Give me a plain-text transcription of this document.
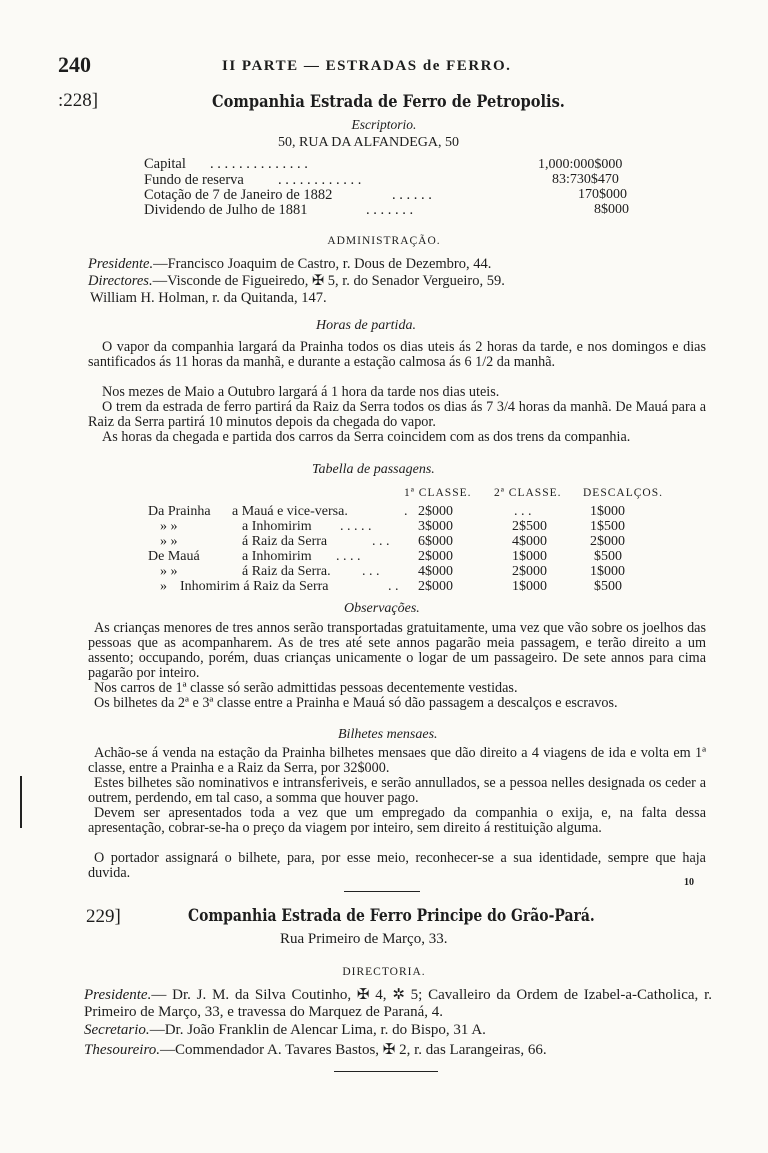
240	II PARTE — ESTRADAS de FERRO.
:228]	Companhia Estrada de Ferro de Petropolis.
Escriptorio.
50, RUA DA ALFANDEGA, 50
Capital . . . . . . . . . . . . . .	1,000:000$000
Fundo de reserva . . . . . . . . . . . .	83:730$470
Cotação de 7 de Janeiro de 1882	. . . . . .	170$000
Dividendo de Julho de 1881	. . . . . . .	8$000
ADMINISTRAÇÃO.
Presidente.—Francisco Joaquim de Castro, r. Dous de Dezembro, 44.
Directores.—Visconde de Figueiredo, ✠ 5, r. do Senador Vergueiro, 59.
William H. Holman, r. da Quitanda, 147.
Horas de partida.
O vapor da companhia largará da Prainha todos os dias uteis ás 2 horas da tarde, e nos domingos e dias santificados ás 11 horas da manhã, e durante a estação calmosa ás 6 1/2 da manhã.
Nos mezes de Maio a Outubro largará á 1 hora da tarde nos dias uteis.
O trem da estrada de ferro partirá da Raiz da Serra todos os dias ás 7 3/4 horas da manhã. De Mauá para a Raiz da Serra partirá 10 minutos depois da chegada do vapor.
As horas da chegada e partida dos carros da Serra coincidem com as dos trens da companhia.
Tabella de passagens.
1ª CLASSE. 2ª CLASSE. DESCALÇOS.
Da Prainha a Mauá e vice-versa.	. 2$000	. . .	1$000
» »	a Inhomirim . . . . .	3$000	2$500	1$500
» »	á Raiz da Serra	. . . 6$000	4$000	2$000
De Mauá	a Inhomirim . . . .	2$000	1$000	$500
» »	á Raiz da Serra. . . .	4$000	2$000	1$000
» Inhomirim á Raiz da Serra	. . 2$000	1$000	$500
Observações.
As crianças menores de tres annos serão transportadas gratuitamente, uma vez que vão sobre os joelhos das pessoas que as acompanharem. As de tres até sete annos pagarão meia passagem, e terão direito a um assento; occupando, porém, duas crianças unicamente o logar de um passageiro. De sete annos para cima pagarão por inteiro.
Nos carros de 1ª classe só serão admittidas pessoas decentemente vestidas.
Os bilhetes da 2ª e 3ª classe entre a Prainha e Mauá só dão passagem a descalços e escravos.
Bilhetes mensaes.
Achão-se á venda na estação da Prainha bilhetes mensaes que dão direito a 4 viagens de ida e volta em 1ª classe, entre a Prainha e a Raiz da Serra, por 32$000.
Estes bilhetes são nominativos e intransferiveis, e serão annullados, se a pessoa nelles designada os ceder a outrem, perdendo, em tal caso, a somma que houver pago.
Devem ser apresentados toda a vez que um empregado da companhia o exija, e, na falta dessa apresentação, cobrar-se-ha o preço da viagem por inteiro, sem direito á restituição alguma.
O portador assignará o bilhete, para, por esse meio, reconhecer-se a sua identidade, sempre que haja duvida.
10
229]	Companhia Estrada de Ferro Principe do Grão-Pará.
Rua Primeiro de Março, 33.
DIRECTORIA.
Presidente.— Dr. J. M. da Silva Coutinho, ✠ 4, ✲ 5; Cavalleiro da Ordem de Izabel-a-Catholica, r. Primeiro de Março, 33, e travessa do Marquez de Paraná, 4.
Secretario.—Dr. João Franklin de Alencar Lima, r. do Bispo, 31 A.
Thesoureiro.—Commendador A. Tavares Bastos, ✠ 2, r. das Larangeiras, 66.
